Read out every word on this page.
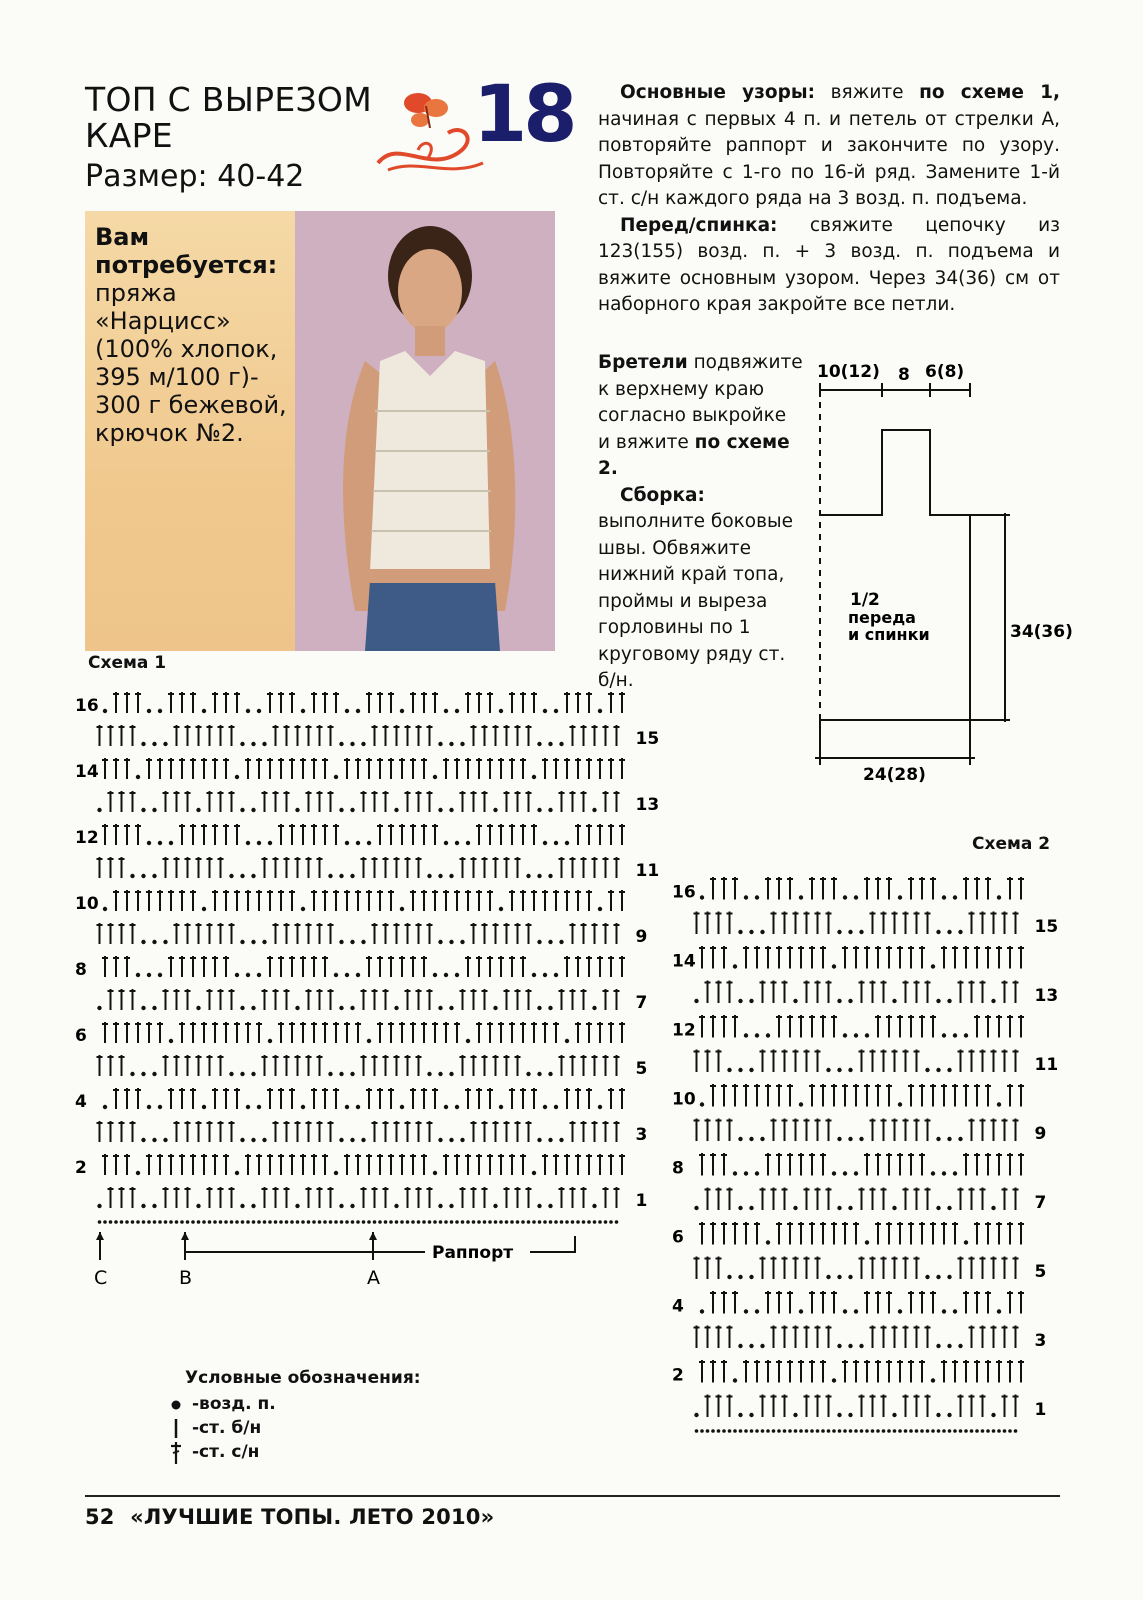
ТОП С ВЫРЕЗОМ
КАРЕ
Размер: 40-42
18
Вам потребуется: пряжа «Нарцисс» (100% хлопок, 395 м/100 г)- 300 г бежевой, крючок №2.
Основные узоры: вяжите по схеме 1, начиная с первых 4 п. и петель от стрелки А, повторяйте раппорт и закончите по узору. Повторяйте с 1-го по 16-й ряд. Замените 1-й ст. с/н каждого ряда на 3 возд. п. подъема.
Перед/спинка: свяжите цепочку из 123(155) возд. п. + 3 возд. п. подъема и вяжите основным узором. Через 34(36) см от наборного края закройте все петли.
Бретели подвяжите к верхнему краю согласно выкройке и вяжите по схеме 2.
Сборка: выполните боковые швы. Обвяжите нижний край топа, проймы и выреза горловины по 1 круговому ряду ст. б/н.
10(12) 8 6(8)
1/2
переда
и спинки	34(36)
24(28)
Схема 1
16
15
14
13
12
11
10
9
8
7
6
5
4
3
2
1
С	В	А
Раппорт
Схема 2
16
15
14
13
12
11
10
9
8
7
6
5
4
3
2
1
Условные обозначения:
-возд. п.
-ст. б/н
-ст. с/н
52 «ЛУЧШИЕ ТОПЫ. ЛЕТО 2010»
